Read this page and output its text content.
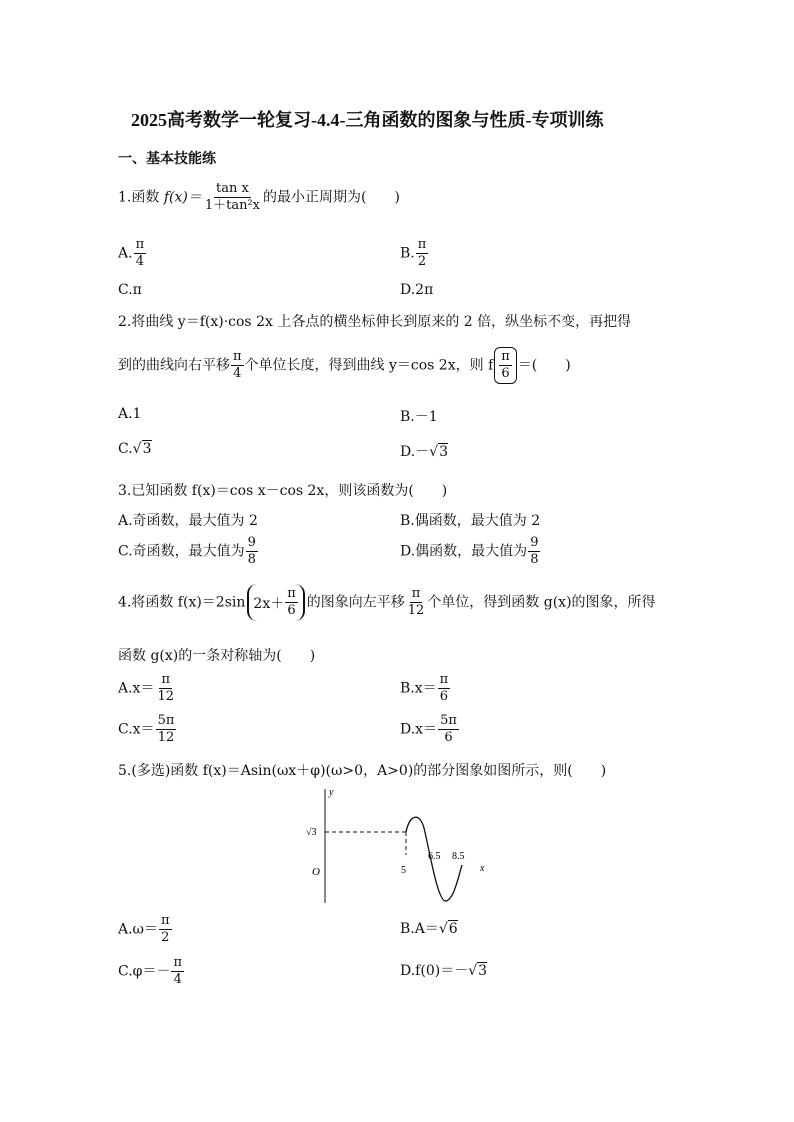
2025高考数学一轮复习-4.4-三角函数的图象与性质-专项训练
一、基本技能练
1.函数 $f(x)= \frac{\text{tan x}}{\text{1＋tan²x}}$ 的最小正周期为(　　)
A. $\frac{\pi}{4}$	B. $\frac{\pi}{2}$
C.π	D.2π
2.将曲线 y＝f(x)·cos 2x 上各点的横坐标伸长到原来的 2 倍，纵坐标不变，再把得
到的曲线向右平移 $\frac{\pi}{4}$ 个单位长度，得到曲线 y＝cos 2x，则 f $\frac{\pi}{6}$ ＝(　　)
A.1	B.－1
C.√3	D.－√3
3.已知函数 f(x)＝cos x－cos 2x，则该函数为(　　)
A.奇函数，最大值为 2	B.偶函数，最大值为 2
C.奇函数，最大值为 $\frac{9}{8}$	D.偶函数，最大值为 $\frac{9}{8}$
4.将函数 f(x)＝2sin $2x+ \frac{\pi}{6}$ 的图象向左平移 $\frac{\pi}{12}$ 个单位，得到函数 g(x)的图象，所得
函数 g(x)的一条对称轴为(　　)
$A.x= \frac{\pi}{12}$	$B.x= \frac{\pi}{6}$
$C.x= \frac{5\pi}{12}$	$D.x= \frac{5\pi}{6}$
5.(多选)函数 f(x)＝Asin(ωx＋φ)(ω>0，A>0)的部分图象如图所示，则(　　)
y
O
√3
5
6.5 8.5
x
$A.\omega= \frac{\pi}{2}$	B.A＝√6
$C.\varphi=- \frac{\pi}{4}$	D.f(0)＝－√3
